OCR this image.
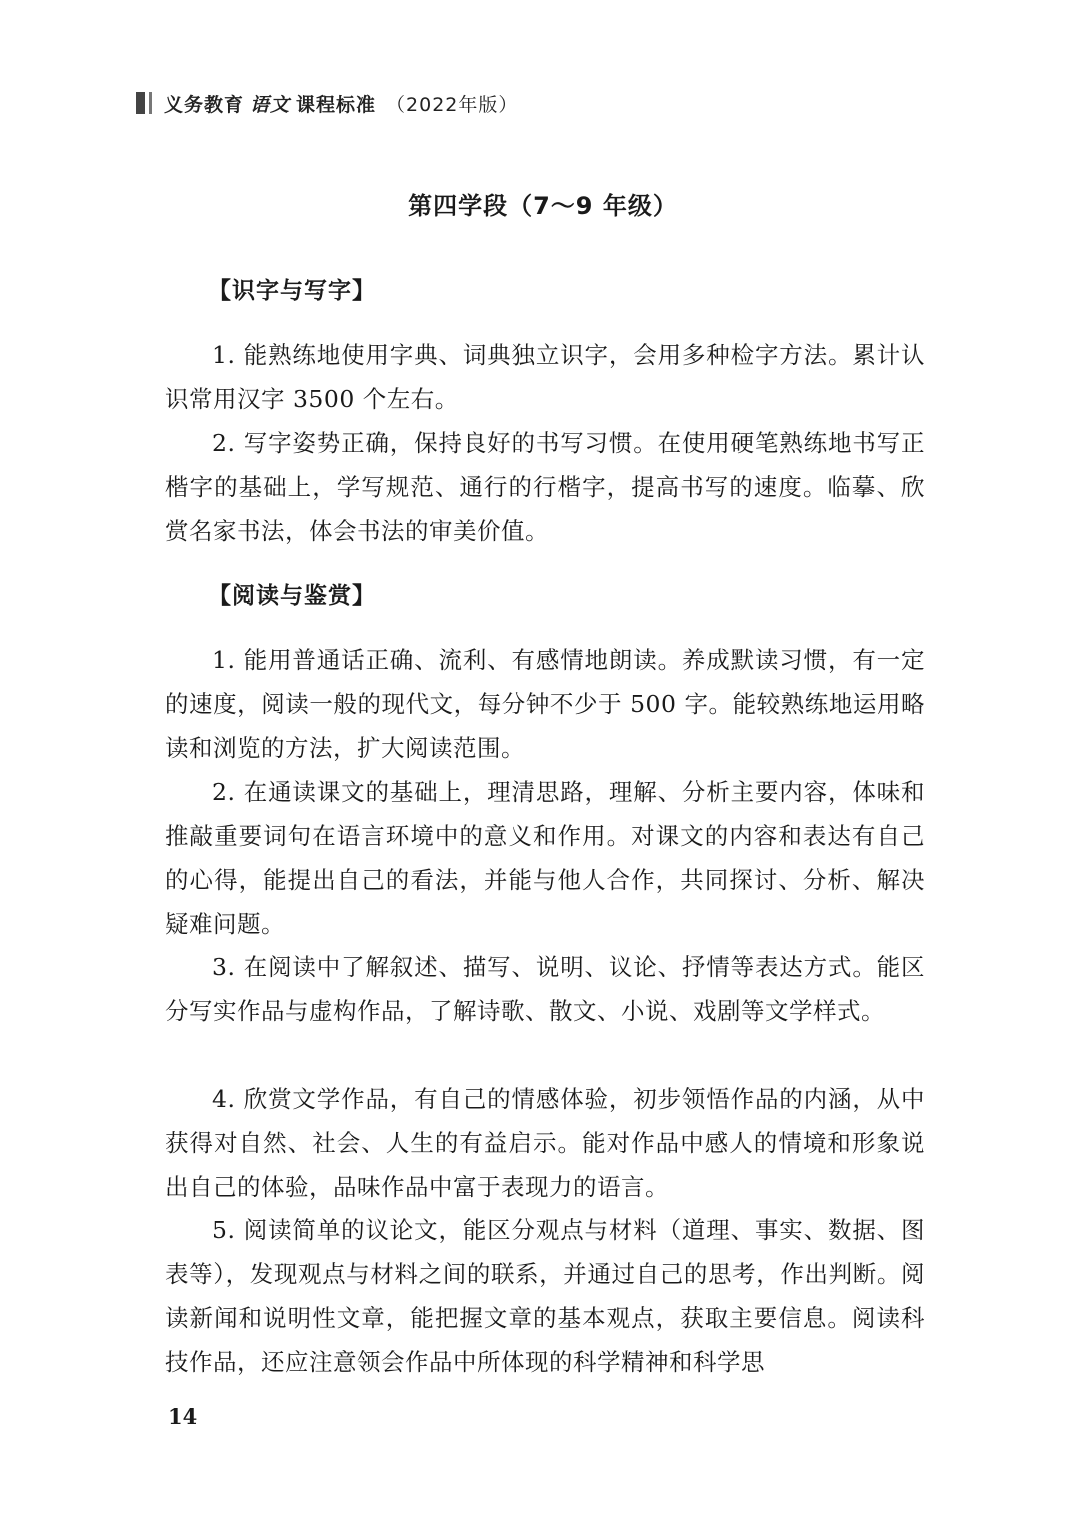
义务教育 语文 课程标准 （2022年版）
第四学段（7～9 年级）
【识字与写字】

1. 能熟练地使用字典、词典独立识字，会用多种检字方法。累计认识常用汉字 3500 个左右。

2. 写字姿势正确，保持良好的书写习惯。在使用硬笔熟练地书写正楷字的基础上，学写规范、通行的行楷字，提高书写的速度。临摹、欣赏名家书法，体会书法的审美价值。

【阅读与鉴赏】

1. 能用普通话正确、流利、有感情地朗读。养成默读习惯，有一定的速度，阅读一般的现代文，每分钟不少于 500 字。能较熟练地运用略读和浏览的方法，扩大阅读范围。

2. 在通读课文的基础上，理清思路，理解、分析主要内容，体味和推敲重要词句在语言环境中的意义和作用。对课文的内容和表达有自己的心得，能提出自己的看法，并能与他人合作，共同探讨、分析、解决疑难问题。

3. 在阅读中了解叙述、描写、说明、议论、抒情等表达方式。能区分写实作品与虚构作品，了解诗歌、散文、小说、戏剧等文学样式。

4. 欣赏文学作品，有自己的情感体验，初步领悟作品的内涵，从中获得对自然、社会、人生的有益启示。能对作品中感人的情境和形象说出自己的体验，品味作品中富于表现力的语言。

5. 阅读简单的议论文，能区分观点与材料（道理、事实、数据、图表等），发现观点与材料之间的联系，并通过自己的思考，作出判断。阅读新闻和说明性文章，能把握文章的基本观点，获取主要信息。阅读科技作品，还应注意领会作品中所体现的科学精神和科学思

14
